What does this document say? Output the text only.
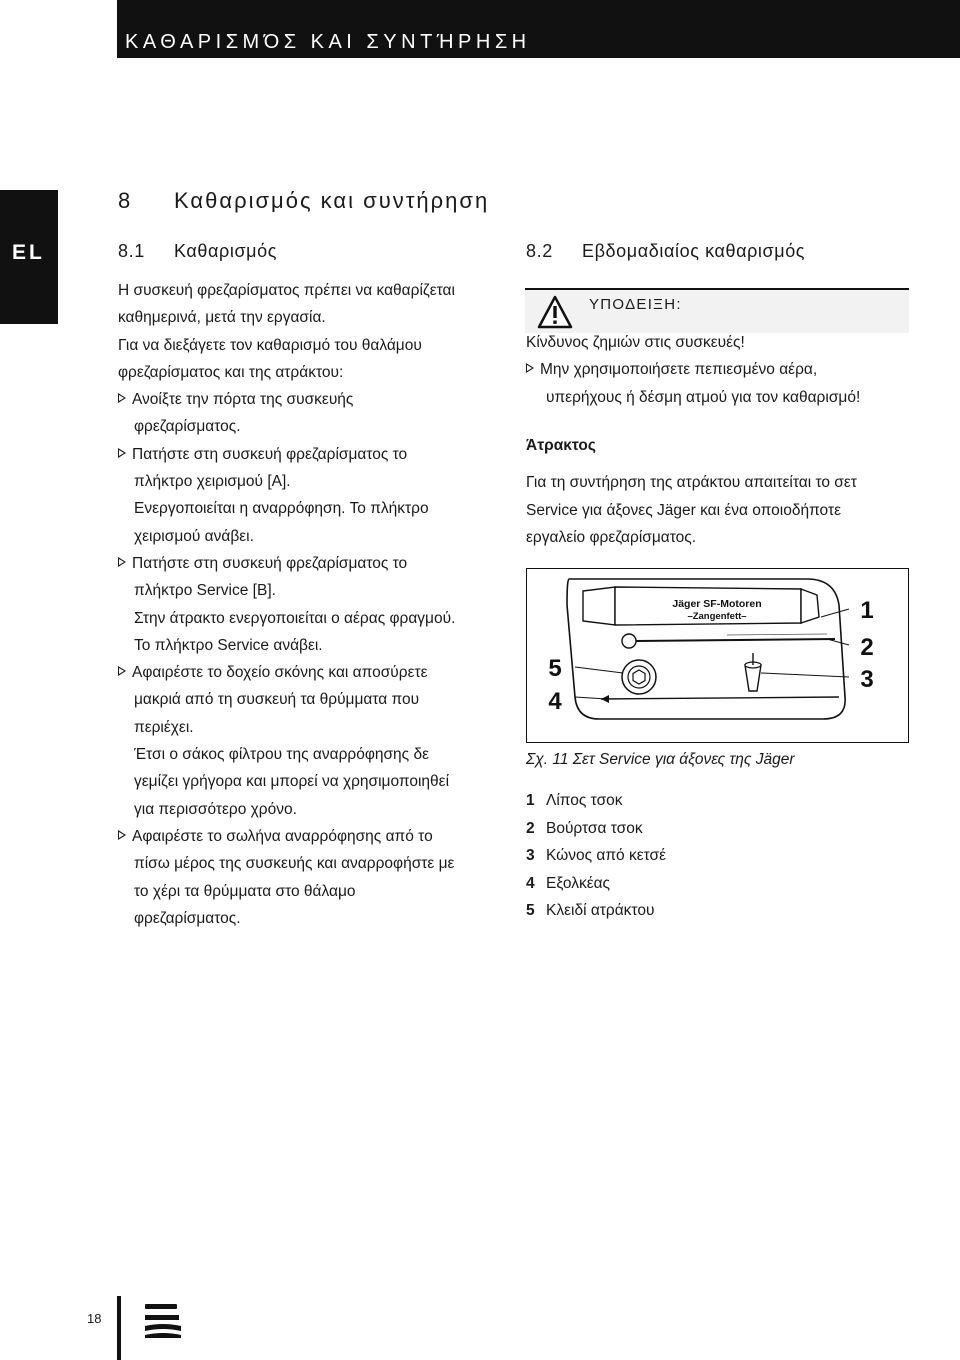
ΚΑΘΑΡΙΣΜΌΣ ΚΑΙ ΣΥΝΤΉΡΗΣΗ
EL
8 Καθαρισμός και συντήρηση
8.1 Καθαρισμός
Η συσκευή φρεζαρίσματος πρέπει να καθαρίζεται
καθημερινά, μετά την εργασία.
Για να διεξάγετε τον καθαρισμό του θαλάμου
φρεζαρίσματος και της ατράκτου:
Ανοίξτε την πόρτα της συσκευής
φρεζαρίσματος.
Πατήστε στη συσκευή φρεζαρίσματος το
πλήκτρο χειρισμού [A].
Ενεργοποιείται η αναρρόφηση. Το πλήκτρο
χειρισμού ανάβει.
Πατήστε στη συσκευή φρεζαρίσματος το
πλήκτρο Service [B].
Στην άτρακτο ενεργοποιείται ο αέρας φραγμού.
Το πλήκτρο Service ανάβει.
Αφαιρέστε το δοχείο σκόνης και αποσύρετε
μακριά από τη συσκευή τα θρύμματα που
περιέχει.
Έτσι ο σάκος φίλτρου της αναρρόφησης δε
γεμίζει γρήγορα και μπορεί να χρησιμοποιηθεί
για περισσότερο χρόνο.
Αφαιρέστε το σωλήνα αναρρόφησης από το
πίσω μέρος της συσκευής και αναρροφήστε με
το χέρι τα θρύμματα στο θάλαμο
φρεζαρίσματος.
8.2 Εβδομαδιαίος καθαρισμός
ΥΠΟΔΕΙΞΗ:
Κίνδυνος ζημιών στις συσκευές!
Μην χρησιμοποιήσετε πεπιεσμένο αέρα,
υπερήχους ή δέσμη ατμού για τον καθαρισμό!
Άτρακτος
Για τη συντήρηση της ατράκτου απαιτείται το σετ
Service για άξονες Jäger και ένα οποιοδήποτε
εργαλείο φρεζαρίσματος.
Jäger SF-Motoren
–Zangenfett–	1
2
3
4
5
Σχ. 11 Σετ Service για άξονες της Jäger
1 Λίπος τσοκ
2 Βούρτσα τσοκ
3 Κώνος από κετσέ
4 Εξολκέας
5 Κλειδί ατράκτου
18
